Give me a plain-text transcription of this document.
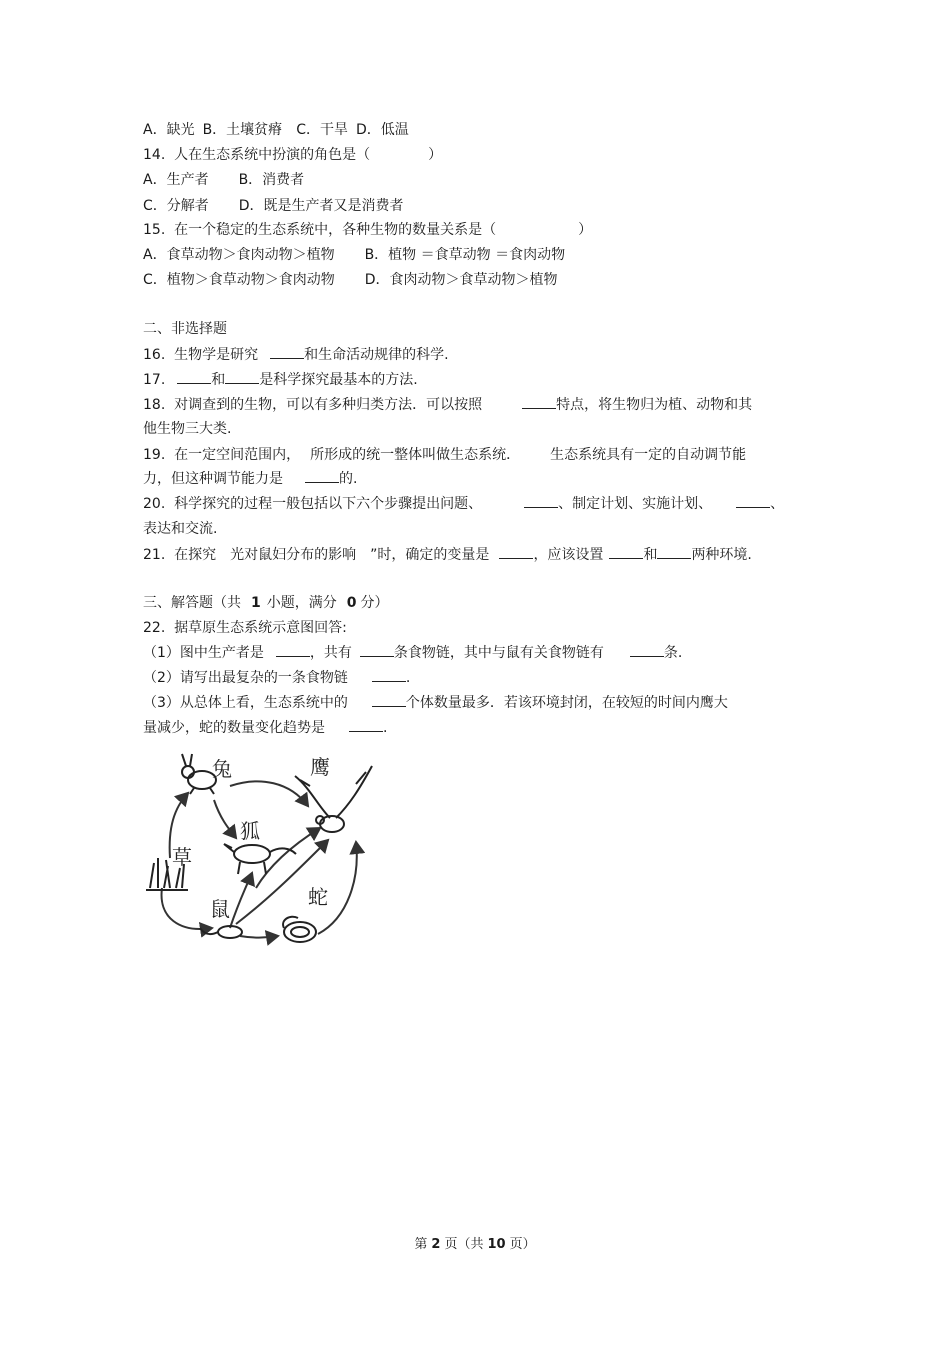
A．缺光 B．土壤贫瘠 C．干旱 D．低温
14.  人在生态系统中扮演的角色是（	）
A．生产者 B．消费者
C．分解者 D．既是生产者又是消费者
15.  在一个稳定的生态系统中，各种生物的数量关系是（	）
A．食草动物＞食肉动物＞植物 B．植物 ＝食草动物 ＝食肉动物
C．植物＞食草动物＞食肉动物 D．食肉动物＞食草动物＞植物
二、非选择题
16.  生物学是研究	和生命活动规律的科学.
17.	和 是科学探究最基本的方法.
18.  对调查到的生物，可以有多种归类方法．可以按照	特点，将生物归为植、动物和其
他生物三大类.
19.  在一定空间范围内， 所形成的统一整体叫做生态系统． 生态系统具有一定的自动调节能
力，但这种调节能力是	的.
20.  科学探究的过程一般包括以下六个步骤提出问题、	、制定计划、实施计划、	、
表达和交流.
21.  在探究 光对鼠妇分布的影响 ”时，确定的变量是	，应该设置	和 两种环境.
三、解答题（共 1 小题，满分 0 分）
22.  据草原生态系统示意图回答:
（1）图中生产者是	，共有	条食物链，其中与鼠有关食物链有	条.
（2）请写出最复杂的一条食物链	.
（3）从总体上看，生态系统中的	个体数量最多．若该环境封闭，在较短的时间内鹰大
量减少，蛇的数量变化趋势是	.
兔	鹰
狐
草
鼠	蛇
第 2 页（共 10 页）
